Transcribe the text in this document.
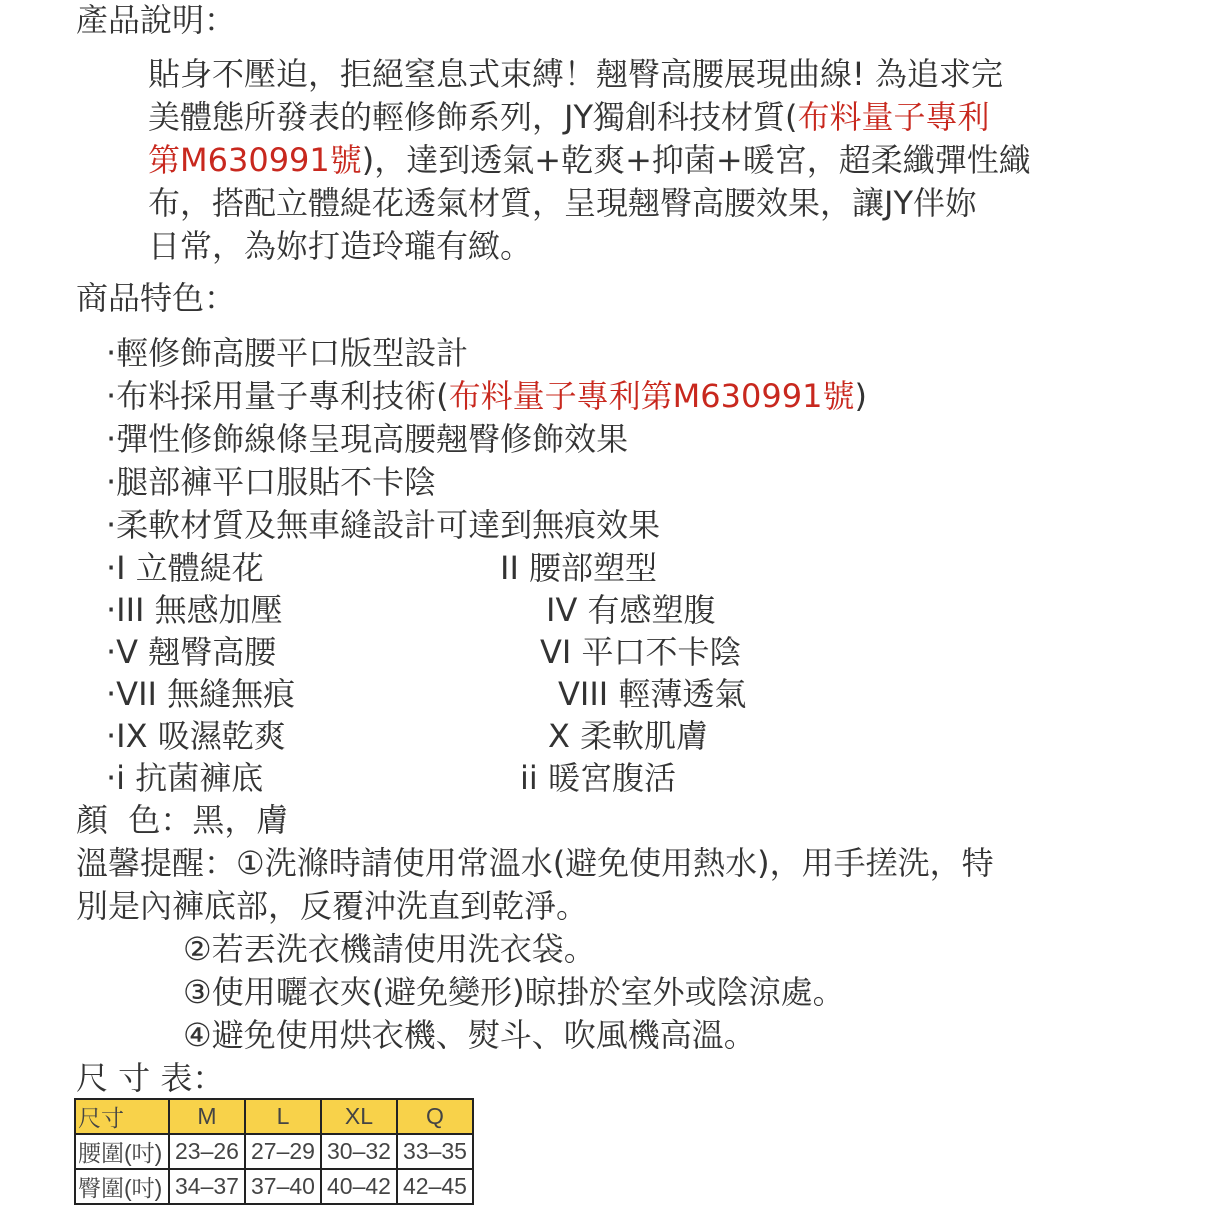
產品說明：
貼身不壓迫，拒絕窒息式束縛！翹臀高腰展現曲線! 為追求完
美體態所發表的輕修飾系列，JY獨創科技材質(布料量子專利
第M630991號)，達到透氣+乾爽+抑菌+暖宮，超柔纖彈性織
布，搭配立體緹花透氣材質，呈現翹臀高腰效果，讓JY伴妳
日常，為妳打造玲瓏有緻。
商品特色：
‧輕修飾高腰平口版型設計
‧布料採用量子專利技術(布料量子專利第M630991號)
‧彈性修飾線條呈現高腰翹臀修飾效果
‧腿部褲平口服貼不卡陰
‧柔軟材質及無車縫設計可達到無痕效果
‧I 立體緹花	II 腰部塑型
‧III 無感加壓	IV 有感塑腹
‧V 翹臀高腰	VI 平口不卡陰
‧VII 無縫無痕	VIII 輕薄透氣
‧IX 吸濕乾爽	X 柔軟肌膚
‧i 抗菌褲底	ii 暖宮腹活
顏  色：黑，膚
溫馨提醒：①洗滌時請使用常溫水(避免使用熱水)，用手搓洗，特
別是內褲底部，反覆沖洗直到乾淨。
②若丟洗衣機請使用洗衣袋。
③使用曬衣夾(避免變形)晾掛於室外或陰涼處。
④避免使用烘衣機、熨斗、吹風機高溫。
尺 寸 表：
尺寸	M	L	XL	Q
腰圍(吋)	23–26	27–29	30–32	33–35
臀圍(吋)	34–37	37–40	40–42	42–45
